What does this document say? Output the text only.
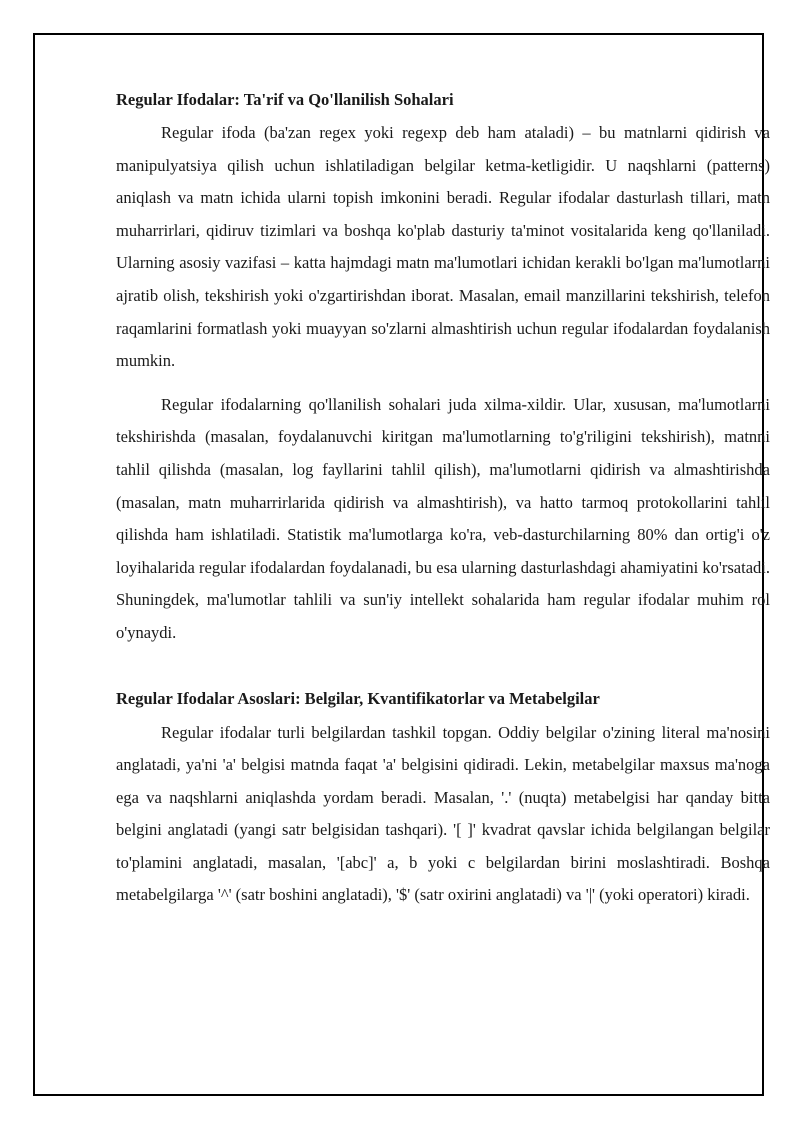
Regular Ifodalar: Ta'rif va Qo'llanilish Sohalari

Regular ifoda (ba'zan regex yoki regexp deb ham ataladi) – bu matnlarni qidirish va manipulyatsiya qilish uchun ishlatiladigan belgilar ketma-ketligidir. U naqshlarni (patterns) aniqlash va matn ichida ularni topish imkonini beradi. Regular ifodalar dasturlash tillari, matn muharrirlari, qidiruv tizimlari va boshqa ko'plab dasturiy ta'minot vositalarida keng qo'llaniladi. Ularning asosiy vazifasi – katta hajmdagi matn ma'lumotlari ichidan kerakli bo'lgan ma'lumotlarni ajratib olish, tekshirish yoki o'zgartirishdan iborat. Masalan, email manzillarini tekshirish, telefon raqamlarini formatlash yoki muayyan so'zlarni almashtirish uchun regular ifodalardan foydalanish mumkin.

Regular ifodalarning qo'llanilish sohalari juda xilma-xildir. Ular, xususan, ma'lumotlarni tekshirishda (masalan, foydalanuvchi kiritgan ma'lumotlarning to'g'riligini tekshirish), matnni tahlil qilishda (masalan, log fayllarini tahlil qilish), ma'lumotlarni qidirish va almashtirishda (masalan, matn muharrirlarida qidirish va almashtirish), va hatto tarmoq protokollarini tahlil qilishda ham ishlatiladi. Statistik ma'lumotlarga ko'ra, veb-dasturchilarning 80% dan ortig'i o'z loyihalarida regular ifodalardan foydalanadi, bu esa ularning dasturlashdagi ahamiyatini ko'rsatadi. Shuningdek, ma'lumotlar tahlili va sun'iy intellekt sohalarida ham regular ifodalar muhim rol o'ynaydi.

Regular Ifodalar Asoslari: Belgilar, Kvantifikatorlar va Metabelgilar

Regular ifodalar turli belgilardan tashkil topgan. Oddiy belgilar o'zining literal ma'nosini anglatadi, ya'ni 'a' belgisi matnda faqat 'a' belgisini qidiradi. Lekin, metabelgilar maxsus ma'noga ega va naqshlarni aniqlashda yordam beradi. Masalan, '.' (nuqta) metabelgisi har qanday bitta belgini anglatadi (yangi satr belgisidan tashqari). '[ ]' kvadrat qavslar ichida belgilangan belgilar to'plamini anglatadi, masalan, '[abc]' a, b yoki c belgilardan birini moslashtiradi. Boshqa metabelgilarga '^' (satr boshini anglatadi), '$' (satr oxirini anglatadi) va '|' (yoki operatori) kiradi.
